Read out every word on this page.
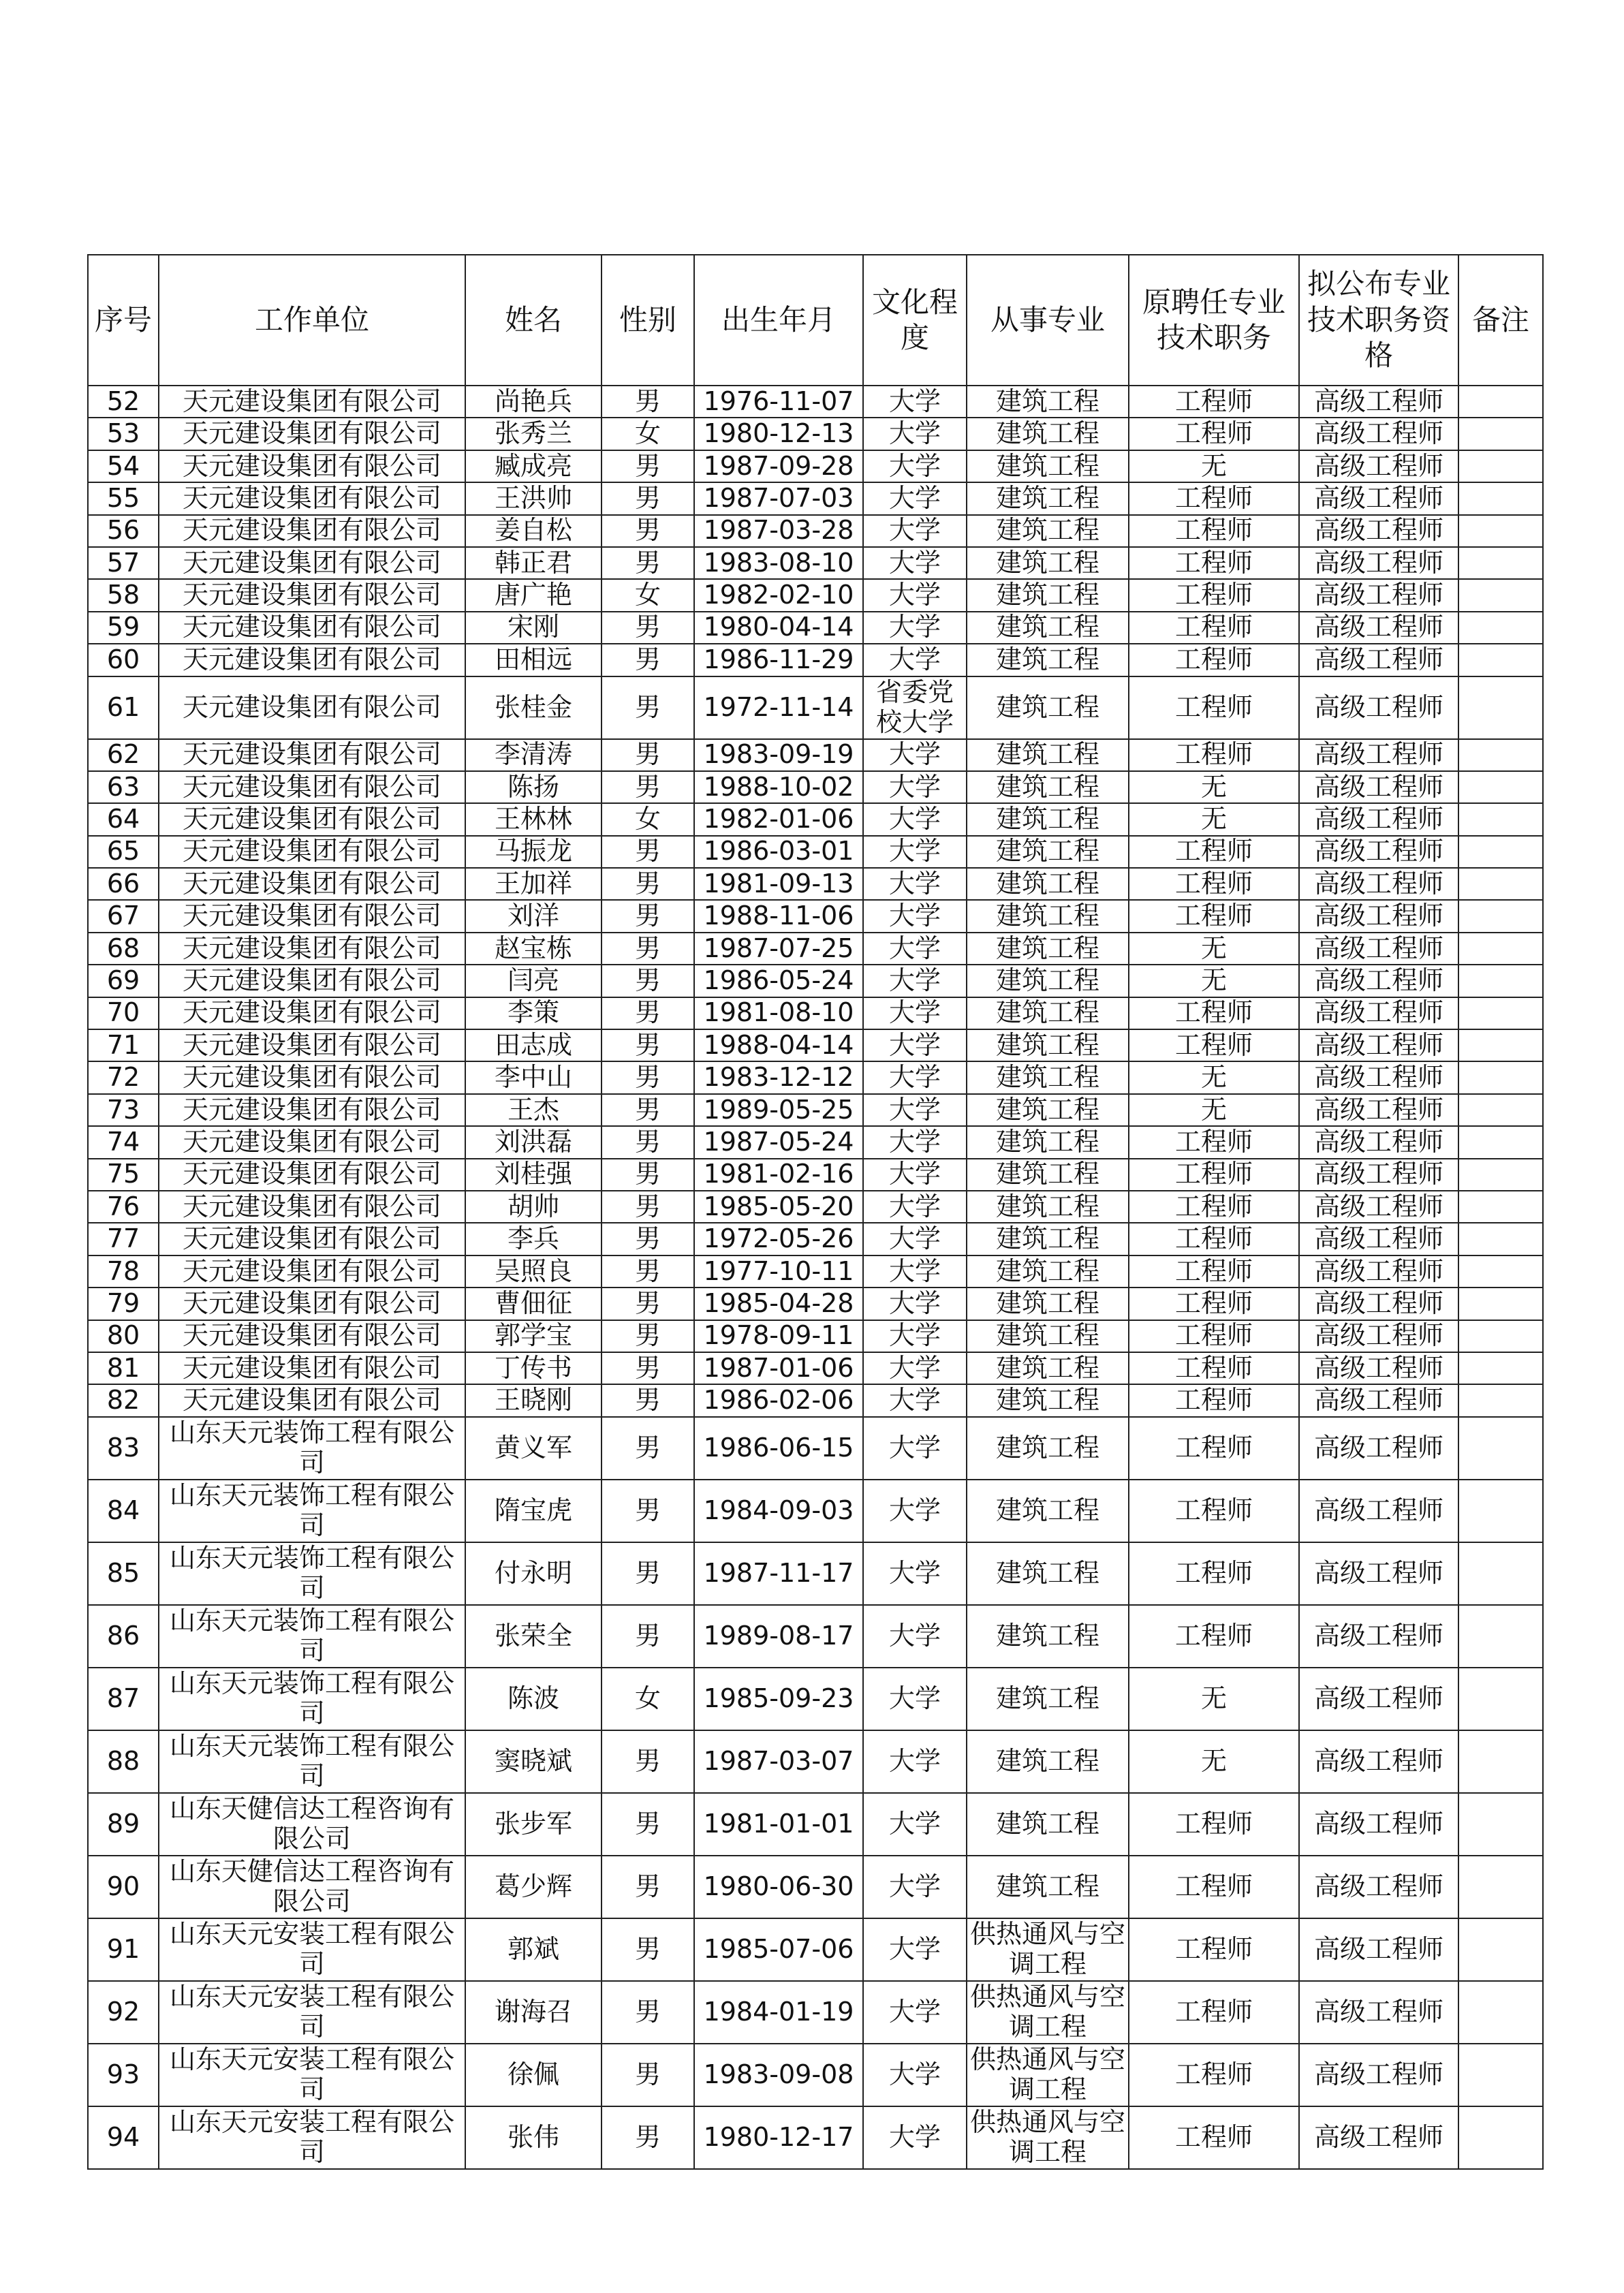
序号	工作单位	姓名	性别	出生年月	文化程度	从事专业	原聘任专业技术职务	拟公布专业技术职务资格	备注
52	天元建设集团有限公司	尚艳兵	男	1976-11-07	大学	建筑工程	工程师	高级工程师	
53	天元建设集团有限公司	张秀兰	女	1980-12-13	大学	建筑工程	工程师	高级工程师	
54	天元建设集团有限公司	臧成亮	男	1987-09-28	大学	建筑工程	无	高级工程师	
55	天元建设集团有限公司	王洪帅	男	1987-07-03	大学	建筑工程	工程师	高级工程师	
56	天元建设集团有限公司	姜自松	男	1987-03-28	大学	建筑工程	工程师	高级工程师	
57	天元建设集团有限公司	韩正君	男	1983-08-10	大学	建筑工程	工程师	高级工程师	
58	天元建设集团有限公司	唐广艳	女	1982-02-10	大学	建筑工程	工程师	高级工程师	
59	天元建设集团有限公司	宋刚	男	1980-04-14	大学	建筑工程	工程师	高级工程师	
60	天元建设集团有限公司	田相远	男	1986-11-29	大学	建筑工程	工程师	高级工程师	
61	天元建设集团有限公司	张桂金	男	1972-11-14	省委党校大学	建筑工程	工程师	高级工程师	
62	天元建设集团有限公司	李清涛	男	1983-09-19	大学	建筑工程	工程师	高级工程师	
63	天元建设集团有限公司	陈扬	男	1988-10-02	大学	建筑工程	无	高级工程师	
64	天元建设集团有限公司	王林林	女	1982-01-06	大学	建筑工程	无	高级工程师	
65	天元建设集团有限公司	马振龙	男	1986-03-01	大学	建筑工程	工程师	高级工程师	
66	天元建设集团有限公司	王加祥	男	1981-09-13	大学	建筑工程	工程师	高级工程师	
67	天元建设集团有限公司	刘洋	男	1988-11-06	大学	建筑工程	工程师	高级工程师	
68	天元建设集团有限公司	赵宝栋	男	1987-07-25	大学	建筑工程	无	高级工程师	
69	天元建设集团有限公司	闫亮	男	1986-05-24	大学	建筑工程	无	高级工程师	
70	天元建设集团有限公司	李策	男	1981-08-10	大学	建筑工程	工程师	高级工程师	
71	天元建设集团有限公司	田志成	男	1988-04-14	大学	建筑工程	工程师	高级工程师	
72	天元建设集团有限公司	李中山	男	1983-12-12	大学	建筑工程	无	高级工程师	
73	天元建设集团有限公司	王杰	男	1989-05-25	大学	建筑工程	无	高级工程师	
74	天元建设集团有限公司	刘洪磊	男	1987-05-24	大学	建筑工程	工程师	高级工程师	
75	天元建设集团有限公司	刘桂强	男	1981-02-16	大学	建筑工程	工程师	高级工程师	
76	天元建设集团有限公司	胡帅	男	1985-05-20	大学	建筑工程	工程师	高级工程师	
77	天元建设集团有限公司	李兵	男	1972-05-26	大学	建筑工程	工程师	高级工程师	
78	天元建设集团有限公司	吴照良	男	1977-10-11	大学	建筑工程	工程师	高级工程师	
79	天元建设集团有限公司	曹佃征	男	1985-04-28	大学	建筑工程	工程师	高级工程师	
80	天元建设集团有限公司	郭学宝	男	1978-09-11	大学	建筑工程	工程师	高级工程师	
81	天元建设集团有限公司	丁传书	男	1987-01-06	大学	建筑工程	工程师	高级工程师	
82	天元建设集团有限公司	王晓刚	男	1986-02-06	大学	建筑工程	工程师	高级工程师	
83	山东天元装饰工程有限公司	黄义军	男	1986-06-15	大学	建筑工程	工程师	高级工程师	
84	山东天元装饰工程有限公司	隋宝虎	男	1984-09-03	大学	建筑工程	工程师	高级工程师	
85	山东天元装饰工程有限公司	付永明	男	1987-11-17	大学	建筑工程	工程师	高级工程师	
86	山东天元装饰工程有限公司	张荣全	男	1989-08-17	大学	建筑工程	工程师	高级工程师	
87	山东天元装饰工程有限公司	陈波	女	1985-09-23	大学	建筑工程	无	高级工程师	
88	山东天元装饰工程有限公司	窦晓斌	男	1987-03-07	大学	建筑工程	无	高级工程师	
89	山东天健信达工程咨询有限公司	张步军	男	1981-01-01	大学	建筑工程	工程师	高级工程师	
90	山东天健信达工程咨询有限公司	葛少辉	男	1980-06-30	大学	建筑工程	工程师	高级工程师	
91	山东天元安装工程有限公司	郭斌	男	1985-07-06	大学	供热通风与空调工程	工程师	高级工程师	
92	山东天元安装工程有限公司	谢海召	男	1984-01-19	大学	供热通风与空调工程	工程师	高级工程师	
93	山东天元安装工程有限公司	徐佩	男	1983-09-08	大学	供热通风与空调工程	工程师	高级工程师	
94	山东天元安装工程有限公司	张伟	男	1980-12-17	大学	供热通风与空调工程	工程师	高级工程师	
